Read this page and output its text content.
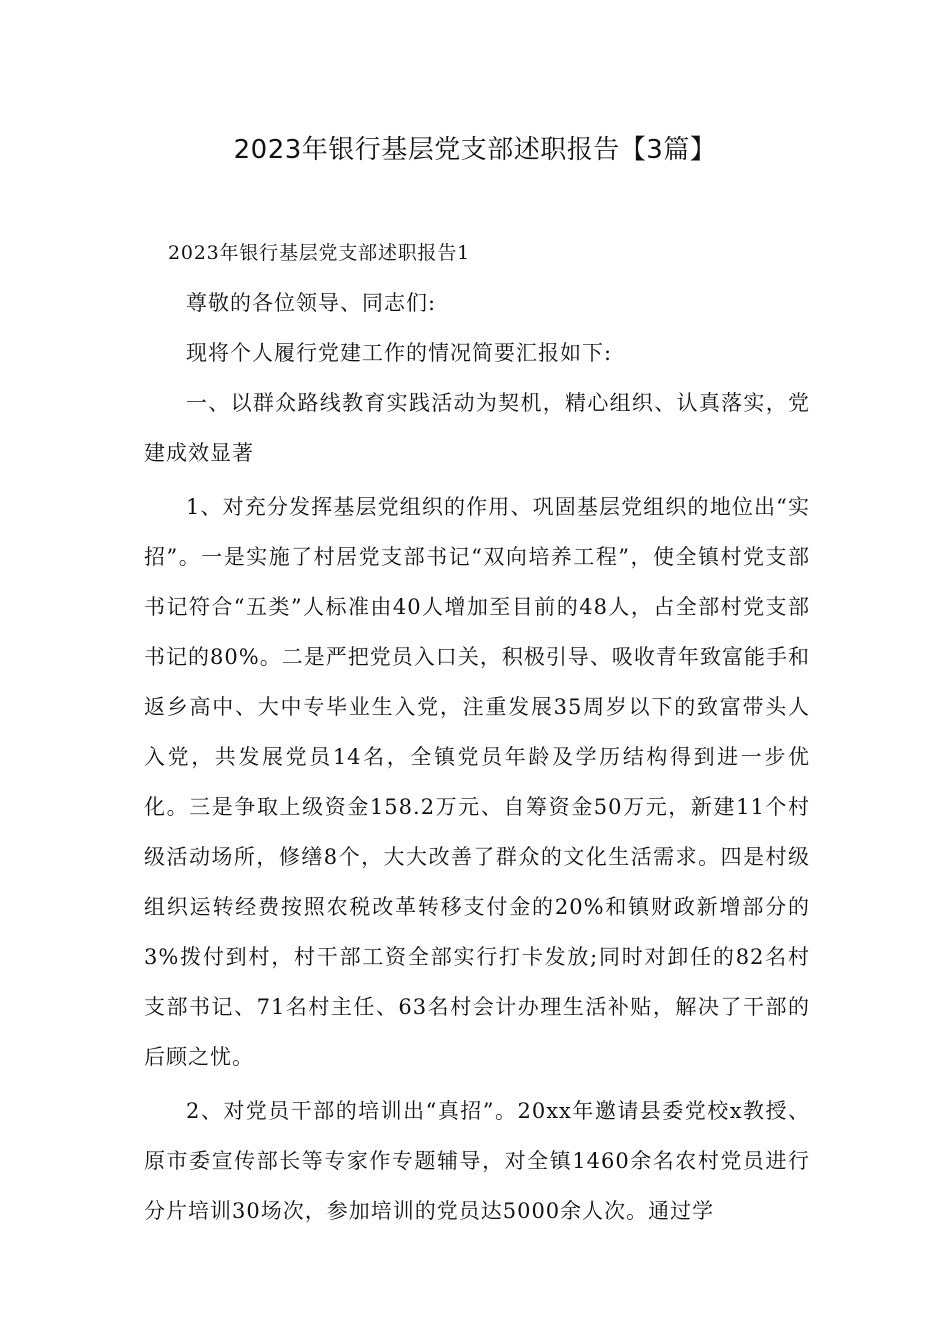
2023年银行基层党支部述职报告【3篇】
2023年银行基层党支部述职报告1

尊敬的各位领导、同志们:

现将个人履行党建工作的情况简要汇报如下:

一、以群众路线教育实践活动为契机，精心组织、认真落实，党建成效显著

1、对充分发挥基层党组织的作用、巩固基层党组织的地位出“实招”。一是实施了村居党支部书记“双向培养工程”，使全镇村党支部书记符合“五类”人标准由40人增加至目前的48人，占全部村党支部书记的80%。二是严把党员入口关，积极引导、吸收青年致富能手和返乡高中、大中专毕业生入党，注重发展35周岁以下的致富带头人入党，共发展党员14名，全镇党员年龄及学历结构得到进一步优化。三是争取上级资金158.2万元、自筹资金50万元，新建11个村级活动场所，修缮8个，大大改善了群众的文化生活需求。四是村级组织运转经费按照农税改革转移支付金的20%和镇财政新增部分的3%拨付到村，村干部工资全部实行打卡发放;同时对卸任的82名村支部书记、71名村主任、63名村会计办理生活补贴，解决了干部的后顾之忧。

2、对党员干部的培训出“真招”。20xx年邀请县委党校x教授、原市委宣传部长等专家作专题辅导，对全镇1460余名农村党员进行分片培训30场次，参加培训的党员达5000余人次。通过学
